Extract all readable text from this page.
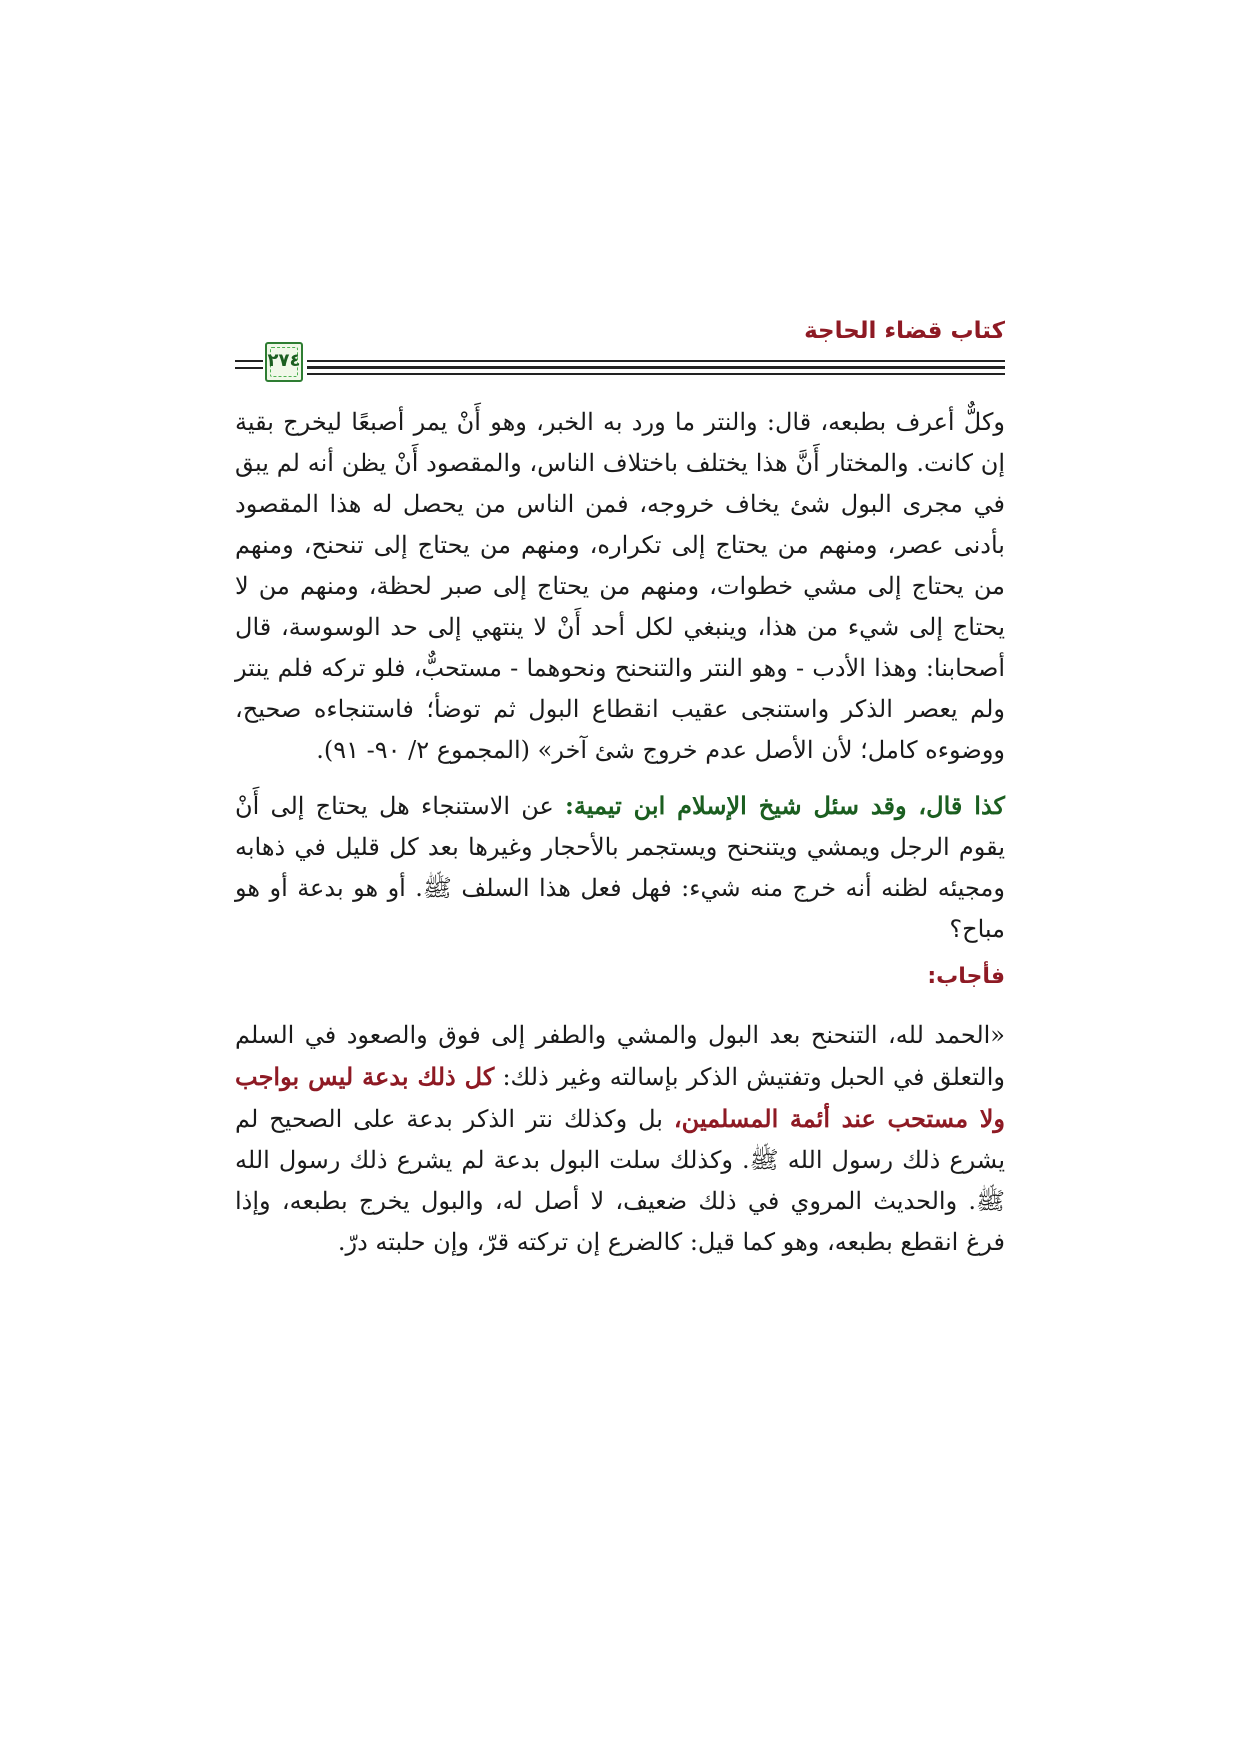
كتاب قضاء الحاجة
٢٧٤

وكلٌّ أعرف بطبعه، قال: والنتر ما ورد به الخبر، وهو أَنْ يمر أصبعًا ليخرج بقية إن كانت. والمختار أَنَّ هذا يختلف باختلاف الناس، والمقصود أَنْ يظن أنه لم يبق في مجرى البول شئ يخاف خروجه، فمن الناس من يحصل له هذا المقصود بأدنى عصر، ومنهم من يحتاج إلى تكراره، ومنهم من يحتاج إلى تنحنح، ومنهم من يحتاج إلى مشي خطوات، ومنهم من يحتاج إلى صبر لحظة، ومنهم من لا يحتاج إلى شيء من هذا، وينبغي لكل أحد أَنْ لا ينتهي إلى حد الوسوسة، قال أصحابنا: وهذا الأدب - وهو النتر والتنحنح ونحوهما - مستحبٌّ، فلو تركه فلم ينتر ولم يعصر الذكر واستنجى عقيب انقطاع البول ثم توضأ؛ فاستنجاءه صحيح، ووضوءه كامل؛ لأن الأصل عدم خروج شئ آخر» (المجموع ٢/ ٩٠- ٩١).

كذا قال، وقد سئل شيخ الإسلام ابن تيمية: عن الاستنجاء هل يحتاج إلى أَنْ يقوم الرجل ويمشي ويتنحنح ويستجمر بالأحجار وغيرها بعد كل قليل في ذهابه ومجيئه لظنه أنه خرج منه شيء: فهل فعل هذا السلف ﷺ. أو هو بدعة أو هو مباح؟

فأجاب:

«الحمد لله، التنحنح بعد البول والمشي والطفر إلى فوق والصعود في السلم والتعلق في الحبل وتفتيش الذكر بإسالته وغير ذلك: كل ذلك بدعة ليس بواجب ولا مستحب عند أئمة المسلمين، بل وكذلك نتر الذكر بدعة على الصحيح لم يشرع ذلك رسول الله ﷺ. وكذلك سلت البول بدعة لم يشرع ذلك رسول الله ﷺ. والحديث المروي في ذلك ضعيف، لا أصل له، والبول يخرج بطبعه، وإذا فرغ انقطع بطبعه، وهو كما قيل: كالضرع إن تركته قرّ، وإن حلبته درّ.
